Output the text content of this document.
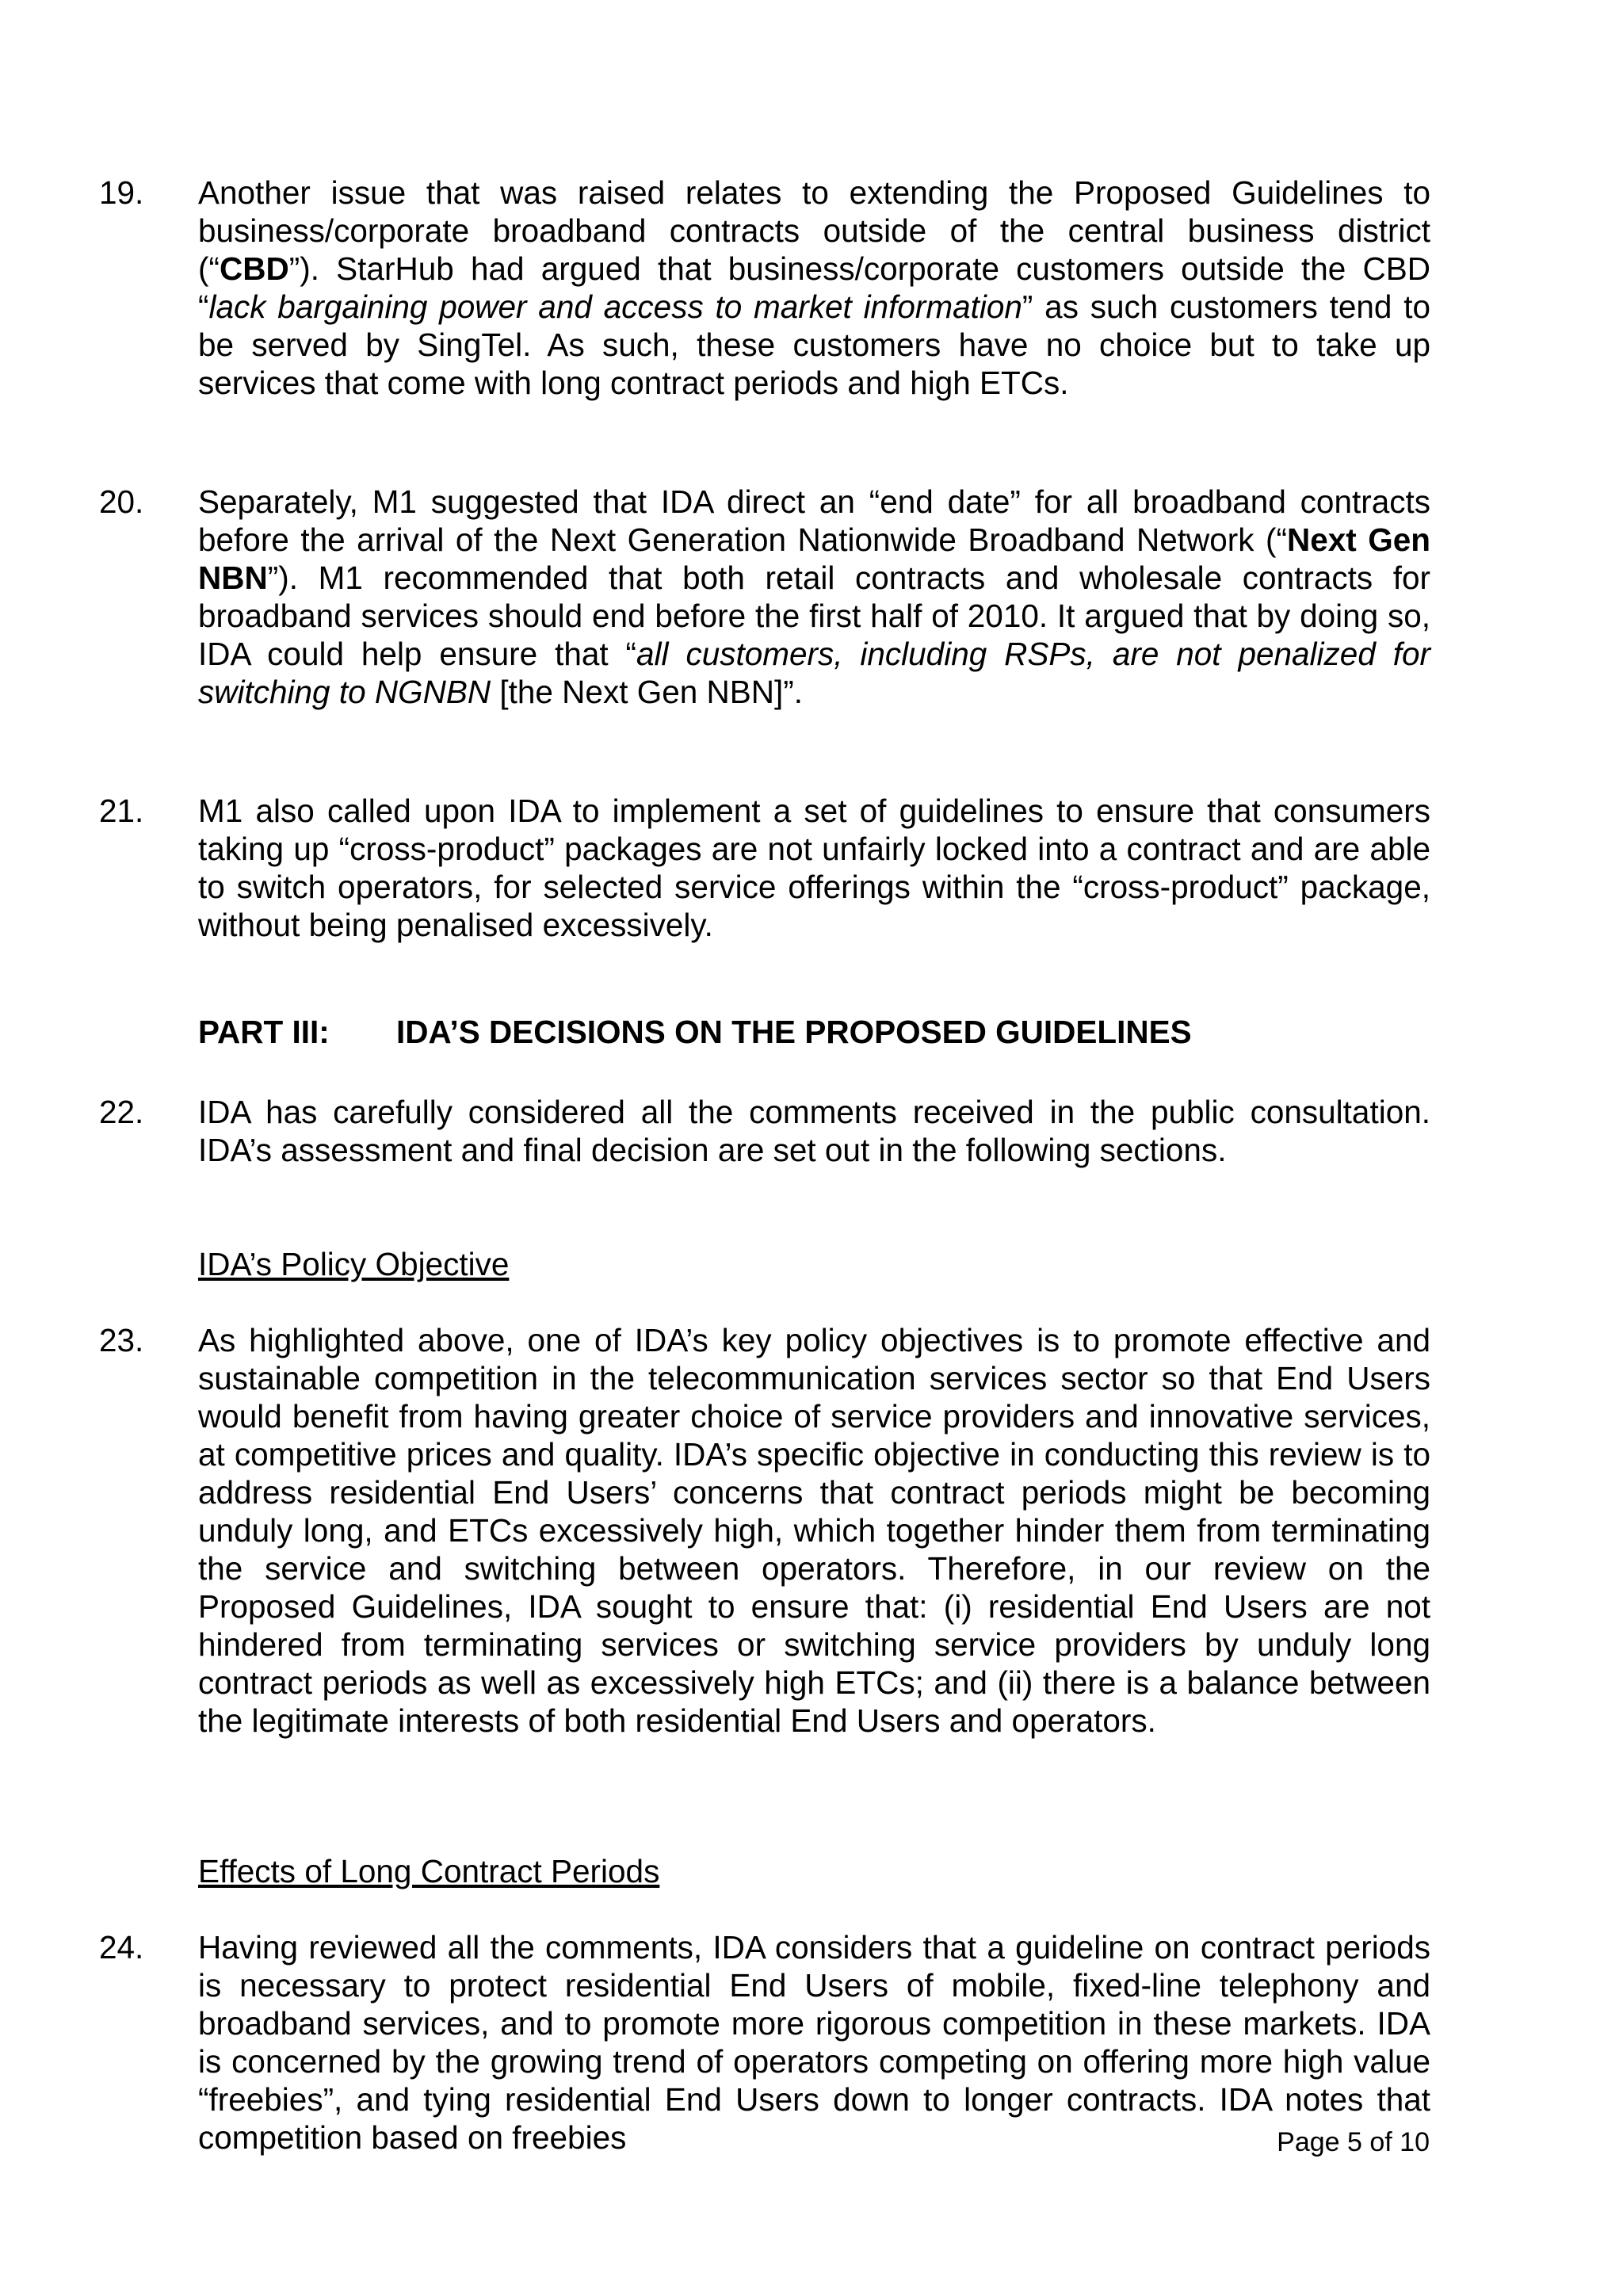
19. Another issue that was raised relates to extending the Proposed Guidelines to business/corporate broadband contracts outside of the central business district (“CBD”). StarHub had argued that business/corporate customers outside the CBD “lack bargaining power and access to market information” as such customers tend to be served by SingTel. As such, these customers have no choice but to take up services that come with long contract periods and high ETCs.
20. Separately, M1 suggested that IDA direct an “end date” for all broadband contracts before the arrival of the Next Generation Nationwide Broadband Network (“Next Gen NBN”). M1 recommended that both retail contracts and wholesale contracts for broadband services should end before the first half of 2010. It argued that by doing so, IDA could help ensure that “all customers, including RSPs, are not penalized for switching to NGNBN [the Next Gen NBN]”.
21. M1 also called upon IDA to implement a set of guidelines to ensure that consumers taking up “cross-product” packages are not unfairly locked into a contract and are able to switch operators, for selected service offerings within the “cross-product” package, without being penalised excessively.
PART III: IDA’S DECISIONS ON THE PROPOSED GUIDELINES
22. IDA has carefully considered all the comments received in the public consultation. IDA’s assessment and final decision are set out in the following sections.
IDA’s Policy Objective
23. As highlighted above, one of IDA’s key policy objectives is to promote effective and sustainable competition in the telecommunication services sector so that End Users would benefit from having greater choice of service providers and innovative services, at competitive prices and quality. IDA’s specific objective in conducting this review is to address residential End Users’ concerns that contract periods might be becoming unduly long, and ETCs excessively high, which together hinder them from terminating the service and switching between operators. Therefore, in our review on the Proposed Guidelines, IDA sought to ensure that: (i) residential End Users are not hindered from terminating services or switching service providers by unduly long contract periods as well as excessively high ETCs; and (ii) there is a balance between the legitimate interests of both residential End Users and operators.
Effects of Long Contract Periods
24. Having reviewed all the comments, IDA considers that a guideline on contract periods is necessary to protect residential End Users of mobile, fixed-line telephony and broadband services, and to promote more rigorous competition in these markets. IDA is concerned by the growing trend of operators competing on offering more high value “freebies”, and tying residential End Users down to longer contracts. IDA notes that competition based on freebies	Page 5 of 10
